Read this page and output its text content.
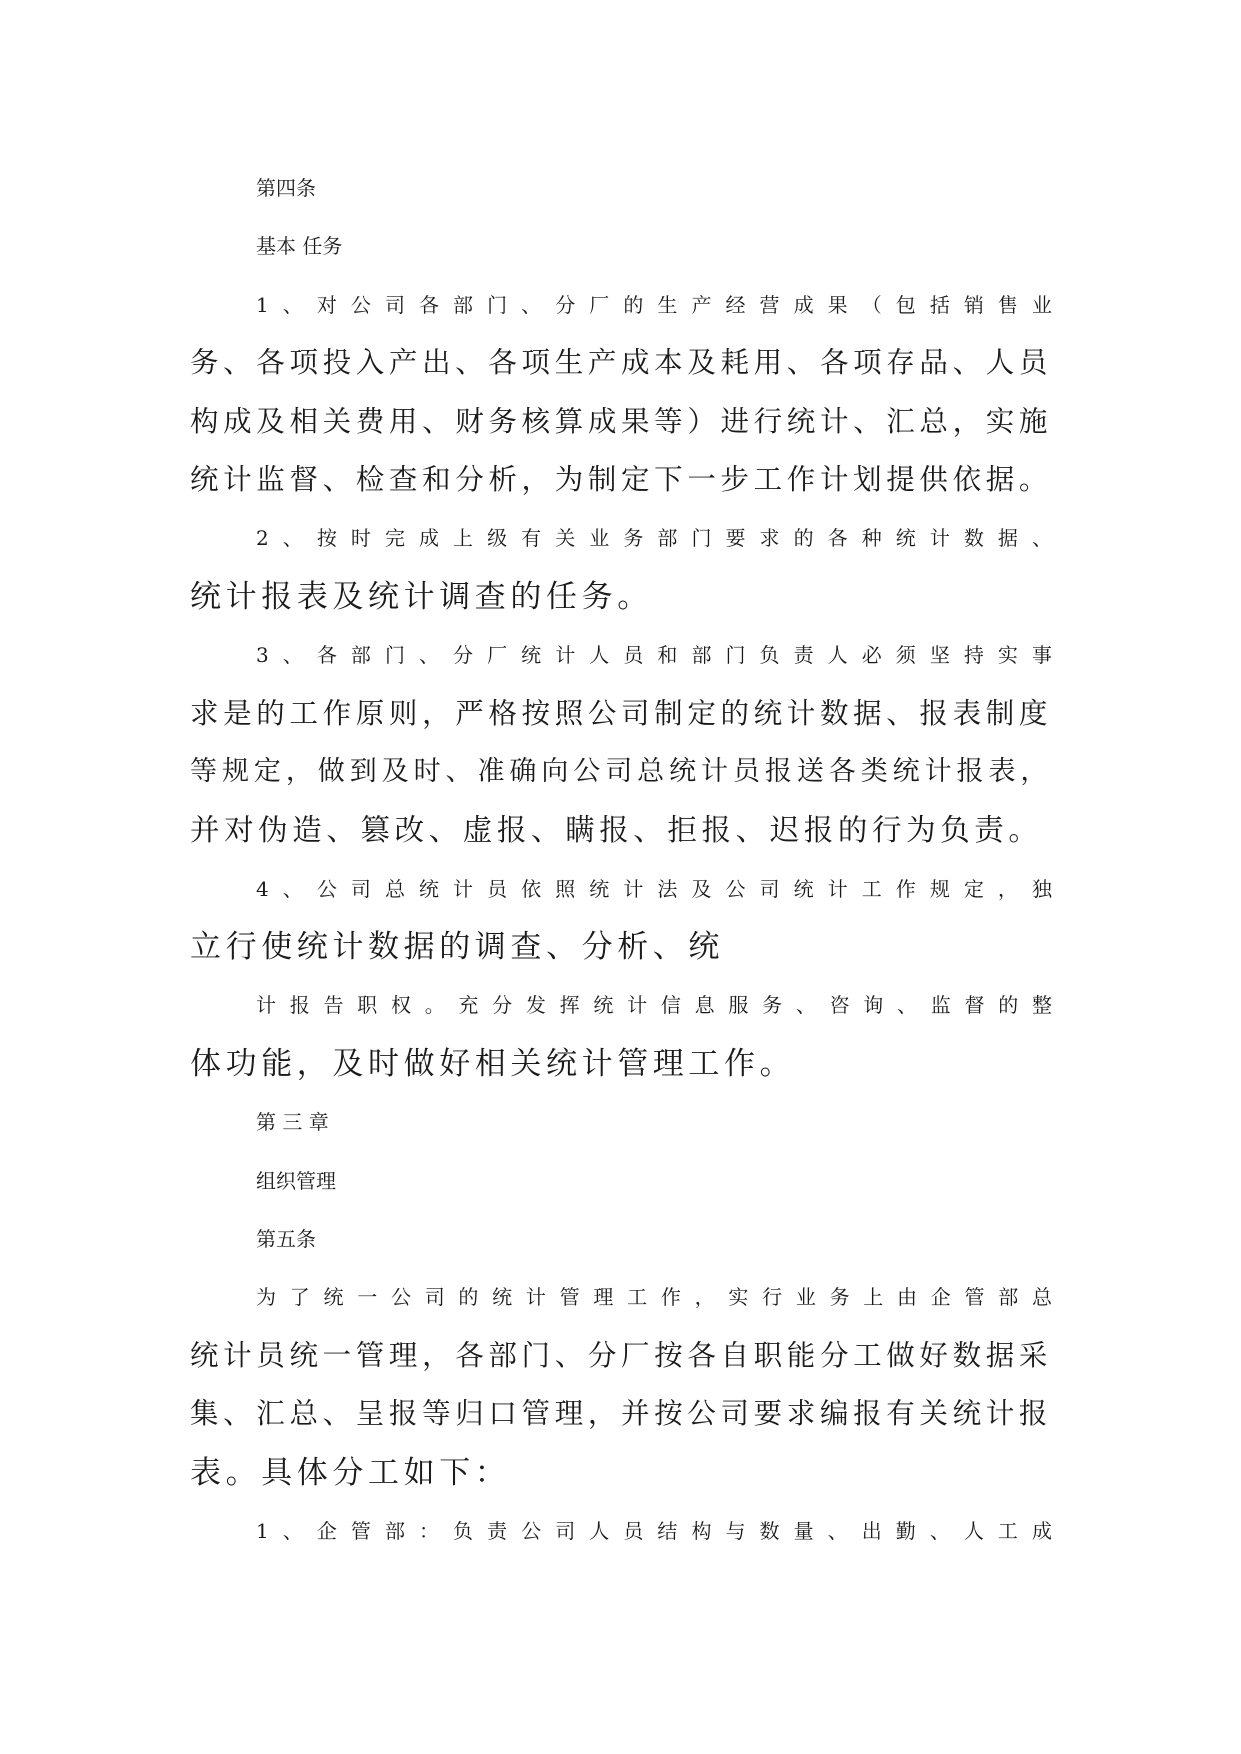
第四条
基本 任务
1、对公司各部门、分厂的生产经营成果（包括销售业
务、各项投入产出、各项生产成本及耗用、各项存品、人员
构成及相关费用、财务核算成果等）进行统计、汇总，实施
统计监督、检查和分析，为制定下一步工作计划提供依据。
2、按时完成上级有关业务部门要求的各种统计数据、
统计报表及统计调查的任务。
3、各部门、分厂统计人员和部门负责人必须坚持实事
求是的工作原则，严格按照公司制定的统计数据、报表制度
等规定，做到及时、准确向公司总统计员报送各类统计报表，
并对伪造、篡改、虚报、瞒报、拒报、迟报的行为负责。
4、公司总统计员依照统计法及公司统计工作规定，独
立行使统计数据的调查、分析、统
计报告职权。充分发挥统计信息服务、咨询、监督的整
体功能，及时做好相关统计管理工作。
第 三 章
组织管理
第五条
为了统一公司的统计管理工作，实行业务上由企管部总
统计员统一管理，各部门、分厂按各自职能分工做好数据采
集、汇总、呈报等归口管理，并按公司要求编报有关统计报
表。具体分工如下：
1、企管部：负责公司人员结构与数量、出勤、人工成
